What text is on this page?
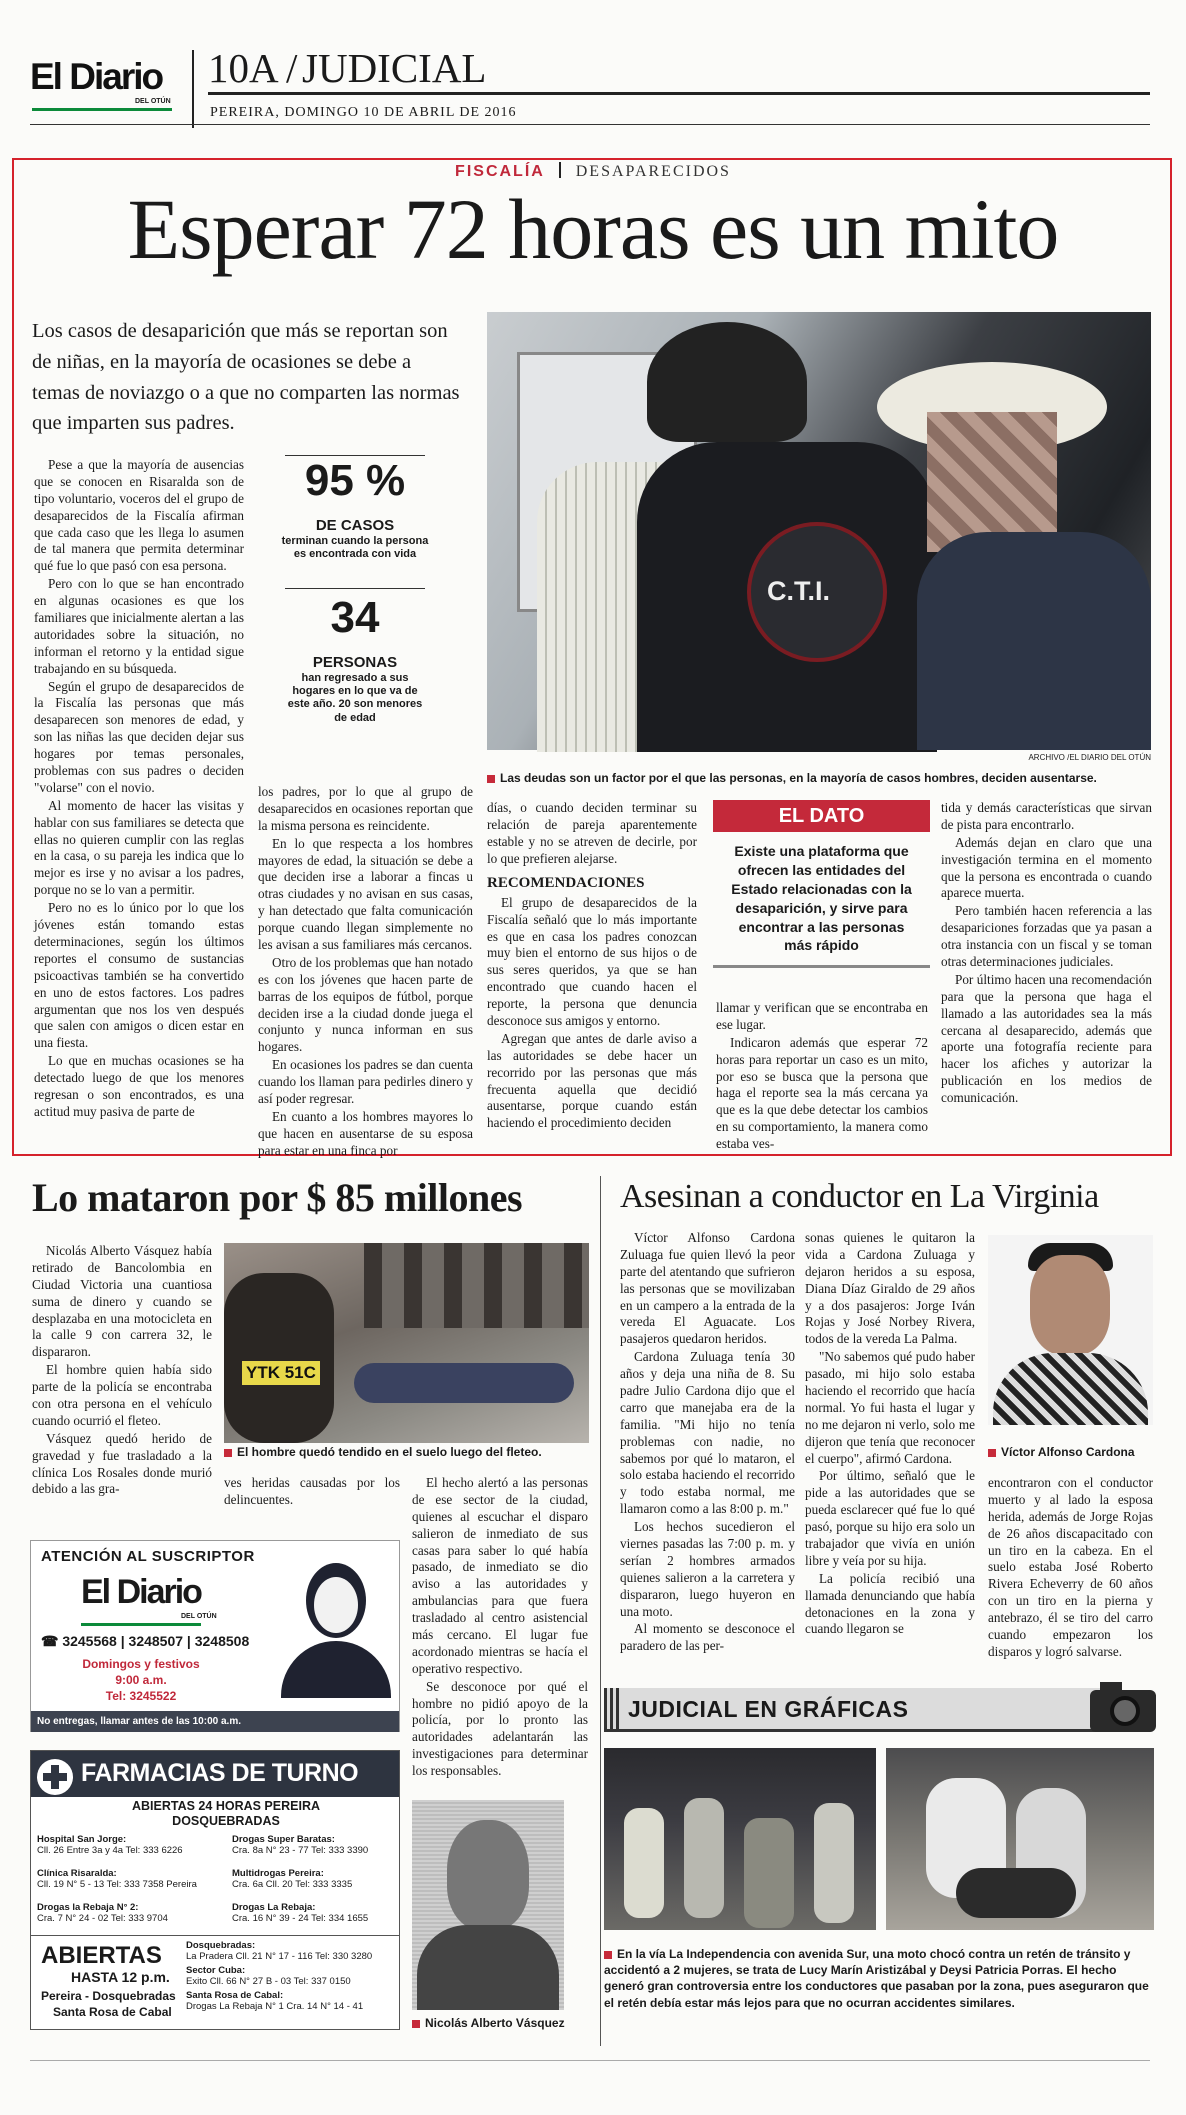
El Diario
DEL OTÚN
10A / JUDICIAL
PEREIRA, DOMINGO 10 DE ABRIL DE 2016
FISCALÍA DESAPARECIDOS
Esperar 72 horas es un mito
Los casos de desaparición que más se reportan son de niñas, en la mayoría de ocasiones se debe a temas de noviazgo o a que no comparten las normas que imparten sus padres.
C.T.I.
ARCHIVO /EL DIARIO DEL OTÚN
Las deudas son un factor por el que las personas, en la mayoría de casos hombres, deciden ausentarse.
95 %
DE CASOS
terminan cuando la persona es encontrada con vida
34
PERSONAS
han regresado a sus hogares en lo que va de este año. 20 son menores de edad

Pese a que la mayoría de ausencias que se conocen en Risaralda son de tipo voluntario, voceros del el grupo de desaparecidos de la Fiscalía afirman que cada caso que les llega lo asumen de tal manera que permita determinar qué fue lo que pasó con esa persona.

Pero con lo que se han encontrado en algunas ocasiones es que los familiares que inicialmente alertan a las autoridades sobre la situación, no informan el retorno y la entidad sigue trabajando en su búsqueda.

Según el grupo de desaparecidos de la Fiscalía las personas que más desaparecen son menores de edad, y son las niñas las que deciden dejar sus hogares por temas personales, problemas con sus padres o deciden "volarse" con el novio.

Al momento de hacer las visitas y hablar con sus familiares se detecta que ellas no quieren cumplir con las reglas en la casa, o su pareja les indica que lo mejor es irse y no avisar a los padres, porque no se lo van a permitir.

Pero no es lo único por lo que los jóvenes están tomando estas determinaciones, según los últimos reportes el consumo de sustancias psicoactivas también se ha convertido en uno de estos factores. Los padres argumentan que nos los ven después que salen con amigos o dicen estar en una fiesta.

Lo que en muchas ocasiones se ha detectado luego de que los menores regresan o son encontrados, es una actitud muy pasiva de parte de

los padres, por lo que al grupo de desaparecidos en ocasiones reportan que la misma persona es reincidente.

En lo que respecta a los hombres mayores de edad, la situación se debe a que deciden irse a laborar a fincas u otras ciudades y no avisan en sus casas, y han detectado que falta comunicación porque cuando llegan simplemente no les avisan a sus familiares más cercanos.

Otro de los problemas que han notado es con los jóvenes que hacen parte de barras de los equipos de fútbol, porque deciden irse a la ciudad donde juega el conjunto y nunca informan en sus hogares.

En ocasiones los padres se dan cuenta cuando los llaman para pedirles dinero y así poder regresar.

En cuanto a los hombres mayores lo que hacen en ausentarse de su esposa para estar en una finca por

días, o cuando deciden terminar su relación de pareja aparentemente estable y no se atreven de decirle, por lo que prefieren alejarse.

RECOMENDACIONES

El grupo de desaparecidos de la Fiscalía señaló que lo más importante es que en casa los padres conozcan muy bien el entorno de sus hijos o de sus seres queridos, ya que se han encontrado que cuando hacen el reporte, la persona que denuncia desconoce sus amigos y entorno.

Agregan que antes de darle aviso a las autoridades se debe hacer un recorrido por las personas que más frecuenta aquella que decidió ausentarse, porque cuando están haciendo el procedimiento deciden

EL DATO
Existe una plataforma que ofrecen las entidades del Estado relacionadas con la desaparición, y sirve para encontrar a las personas más rápido

llamar y verifican que se encontraba en ese lugar.

Indicaron además que esperar 72 horas para reportar un caso es un mito, por eso se busca que la persona que haga el reporte sea la más cercana ya que es la que debe detectar los cambios en su comportamiento, la manera como estaba ves-

tida y demás características que sirvan de pista para encontrarlo.

Además dejan en claro que una investigación termina en el momento que la persona es encontrada o cuando aparece muerta.

Pero también hacen referencia a las desapariciones forzadas que ya pasan a otra instancia con un fiscal y se toman otras determinaciones judiciales.

Por último hacen una recomendación para que la persona que haga el llamado a las autoridades sea la más cercana al desaparecido, además que aporte una fotografía reciente para hacer los afiches y autorizar la publicación en los medios de comunicación.

Lo mataron por $ 85 millones

Nicolás Alberto Vásquez había retirado de Bancolombia en Ciudad Victoria una cuantiosa suma de dinero y cuando se desplazaba en una motocicleta en la calle 9 con carrera 32, le dispararon.

El hombre quien había sido parte de la policía se encontraba con otra persona en el vehículo cuando ocurrió el fleteo.

Vásquez quedó herido de gravedad y fue trasladado a la clínica Los Rosales donde murió debido a las gra-

YTK 51C
El hombre quedó tendido en el suelo luego del fleteo.

ves heridas causadas por los delincuentes.

El hecho alertó a las personas de ese sector de la ciudad, quienes al escuchar el disparo salieron de inmediato de sus casas para saber lo qué había pasado, de inmediato se dio aviso a las autoridades y ambulancias para que fuera trasladado al centro asistencial más cercano. El lugar fue acordonado mientras se hacía el operativo respectivo.

Se desconoce por qué el hombre no pidió apoyo de la policía, por lo pronto las autoridades adelantarán las investigaciones para determinar los responsables.

Nicolás Alberto Vásquez
ATENCIÓN AL SUSCRIPTOR
El Diario
DEL OTÚN
☎ 3245568 | 3248507 | 3248508
Domingos y festivos
9:00 a.m.
Tel: 3245522
No entregas, llamar antes de las 10:00 a.m.
FARMACIAS DE TURNO
ABIERTAS 24 HORAS PEREIRA DOSQUEBRADAS
Hospital San Jorge:
Cll. 26 Entre 3a y 4a Tel: 333 6226
Drogas Super Baratas:
Cra. 8a N° 23 - 77 Tel: 333 3390
Clínica Risaralda:
Cll. 19 N° 5 - 13 Tel: 333 7358 Pereira
Multidrogas Pereira:
Cra. 6a Cll. 20 Tel: 333 3335
Drogas la Rebaja N° 2:
Cra. 7 N° 24 - 02 Tel: 333 9704
Drogas La Rebaja:
Cra. 16 N° 39 - 24 Tel: 334 1655
ABIERTAS
HASTA 12 p.m.
Pereira - Dosquebradas
Santa Rosa de Cabal
Dosquebradas:
La Pradera Cll. 21 N° 17 - 116 Tel: 330 3280
Sector Cuba:
Exito Cll. 66 N° 27 B - 03 Tel: 337 0150
Santa Rosa de Cabal:
Drogas La Rebaja N° 1 Cra. 14 N° 14 - 41
Asesinan a conductor en La Virginia

Víctor Alfonso Cardona Zuluaga fue quien llevó la peor parte del atentando que sufrieron las personas que se movilizaban en un campero a la entrada de la vereda El Aguacate. Los pasajeros quedaron heridos.

Cardona Zuluaga tenía 30 años y deja una niña de 8. Su padre Julio Cardona dijo que el carro que manejaba era de la familia. "Mi hijo no tenía problemas con nadie, no sabemos por qué lo mataron, el solo estaba haciendo el recorrido y todo estaba normal, me llamaron como a las 8:00 p. m."

Los hechos sucedieron el viernes pasadas las 7:00 p. m. y serían 2 hombres armados quienes salieron a la carretera y dispararon, luego huyeron en una moto.

Al momento se desconoce el paradero de las per-

sonas quienes le quitaron la vida a Cardona Zuluaga y dejaron heridos a su esposa, Diana Díaz Giraldo de 29 años y a dos pasajeros: Jorge Iván Rojas y José Norbey Rivera, todos de la vereda La Palma.

"No sabemos qué pudo haber pasado, mi hijo solo estaba haciendo el recorrido que hacía normal. Yo fui hasta el lugar y no me dejaron ni verlo, solo me dijeron que tenía que reconocer el cuerpo", afirmó Cardona.

Por último, señaló que le pide a las autoridades que se pueda esclarecer qué fue lo qué pasó, porque su hijo era solo un trabajador que vivía en unión libre y veía por su hija.

La policía recibió una llamada denunciando que había detonaciones en la zona y cuando llegaron se

Víctor Alfonso Cardona

encontraron con el conductor muerto y al lado la esposa herida, además de Jorge Rojas de 26 años discapacitado con un tiro en la cabeza. En el suelo estaba José Roberto Rivera Echeverry de 60 años con un tiro en la pierna y antebrazo, él se tiro del carro cuando empezaron los disparos y logró salvarse.

JUDICIAL EN GRÁFICAS
En la vía La Independencia con avenida Sur, una moto chocó contra un retén de tránsito y accidentó a 2 mujeres, se trata de Lucy Marín Aristizábal y Deysi Patricia Porras. El hecho generó gran controversia entre los conductores que pasaban por la zona, pues aseguraron que el retén debía estar más lejos para que no ocurran accidentes similares.
